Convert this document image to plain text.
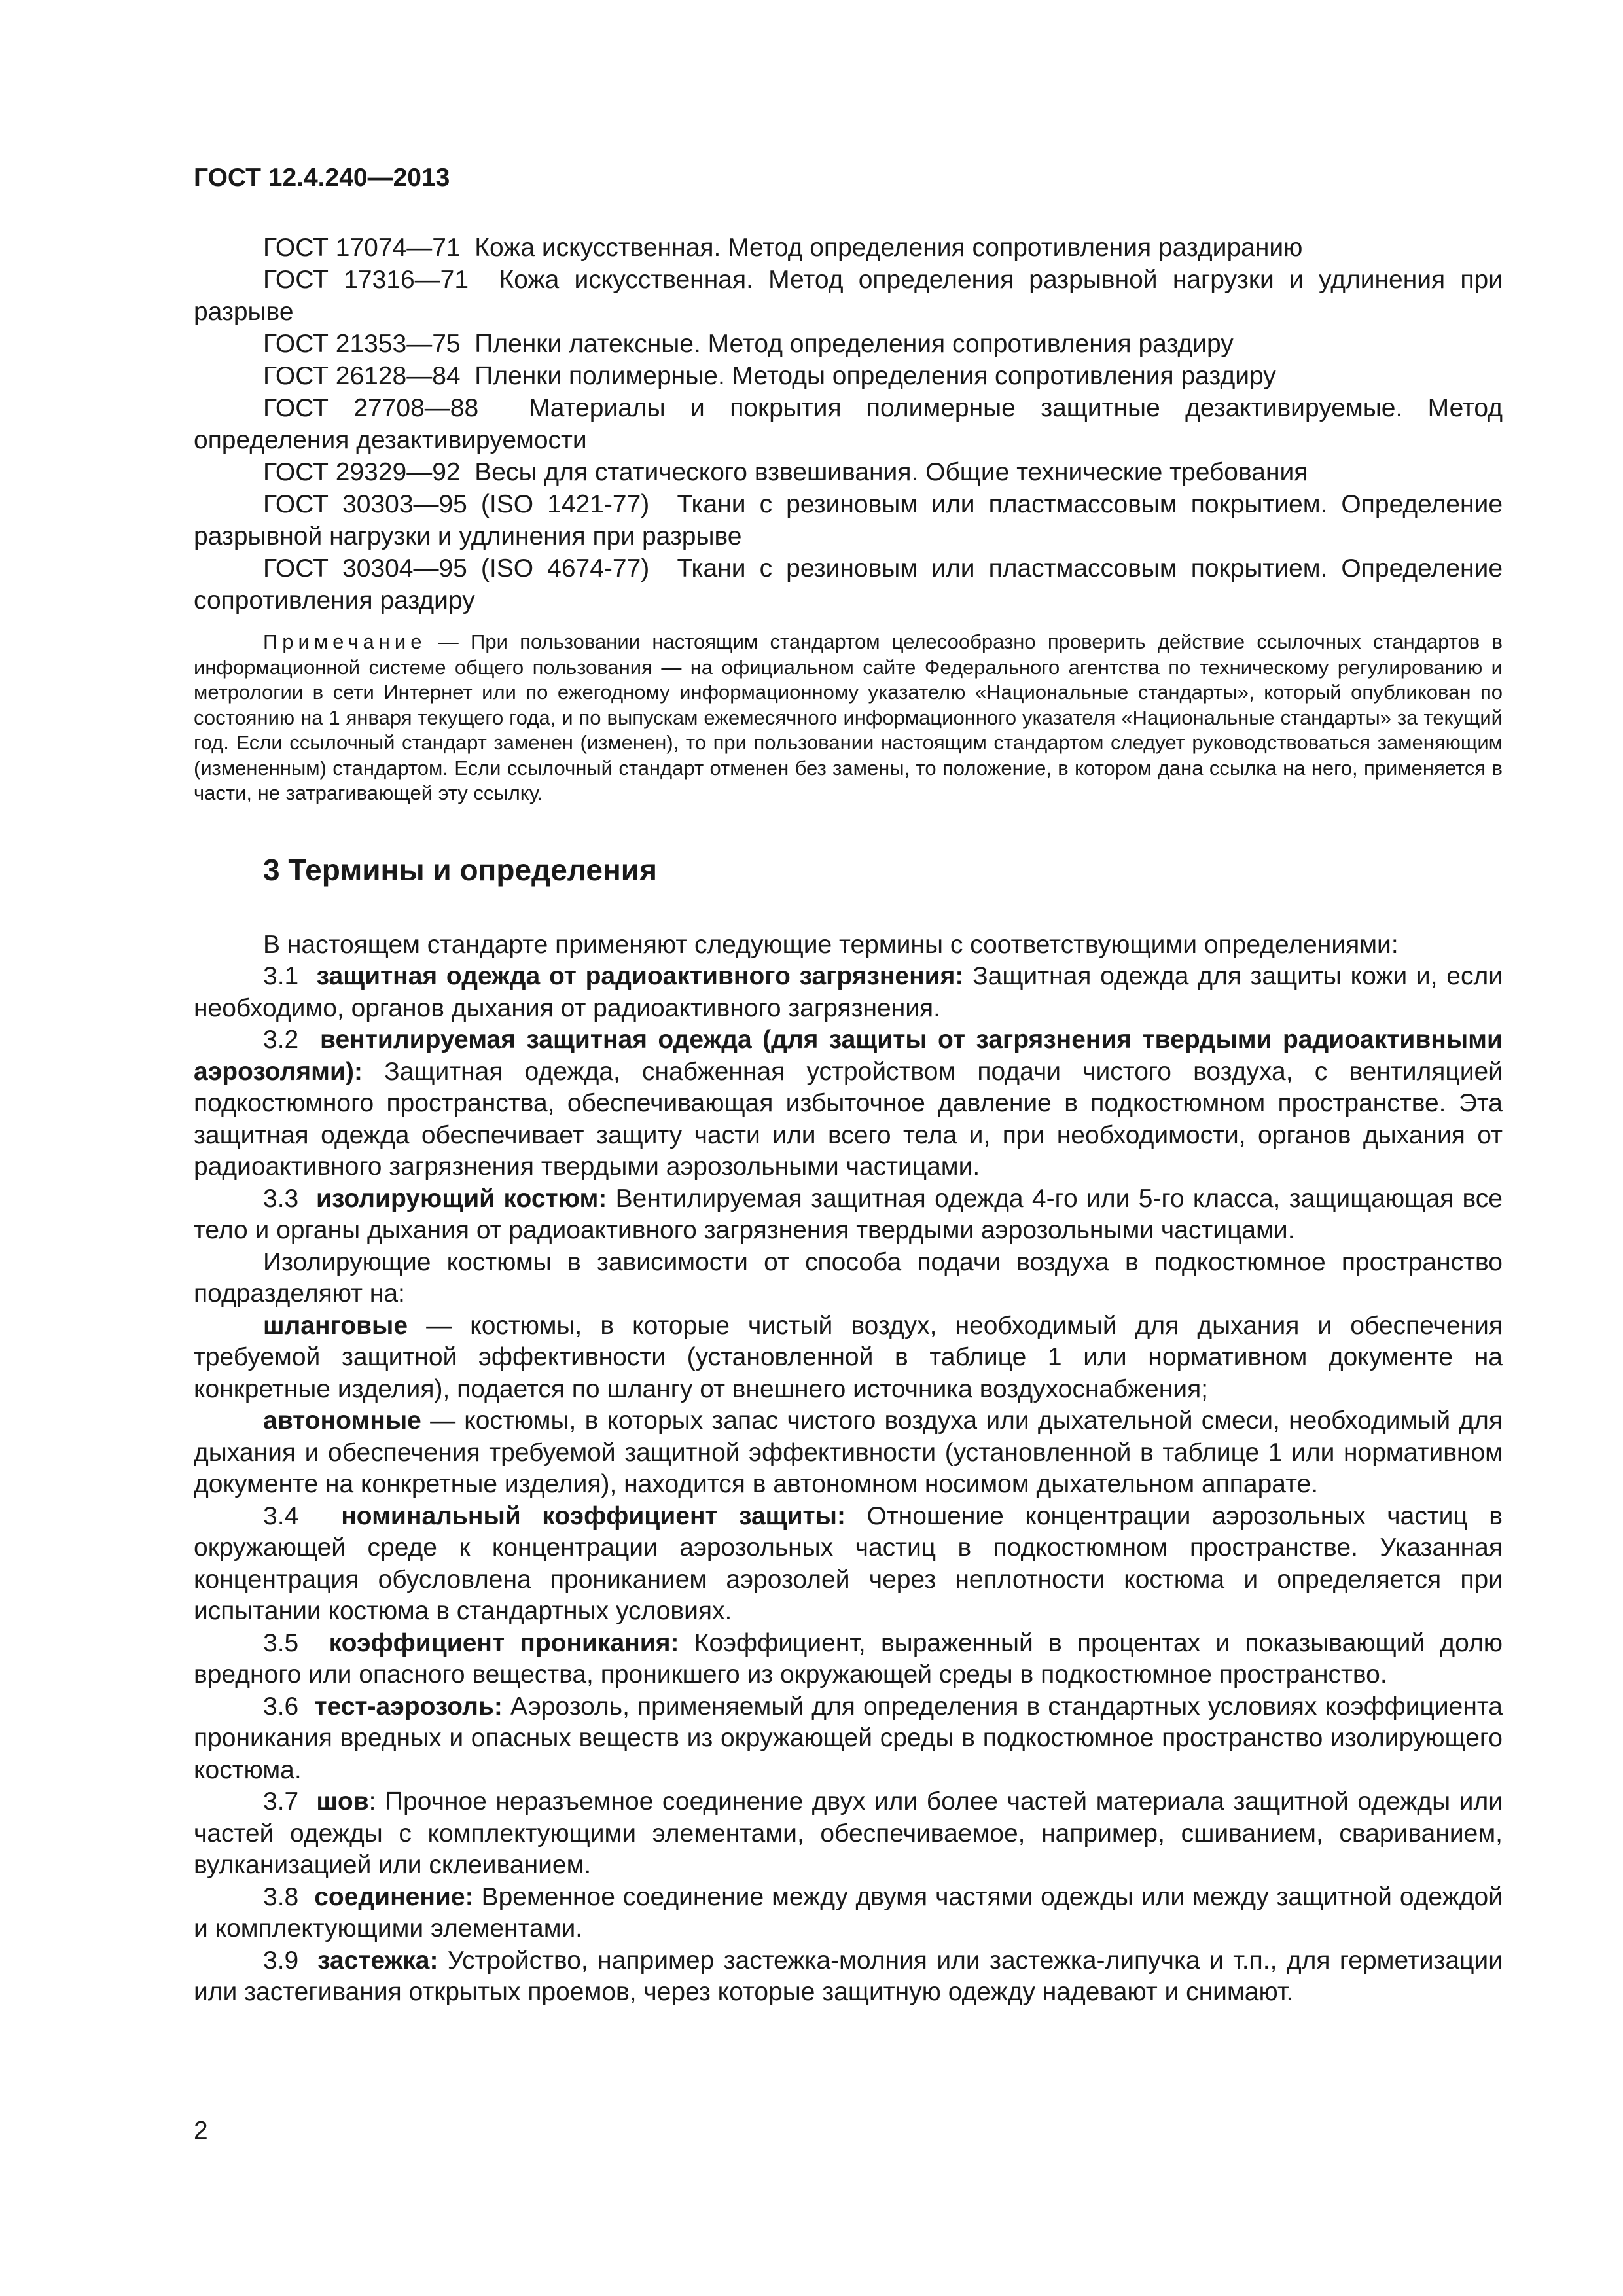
ГОСТ 12.4.240—2013

ГОСТ 17074—71 Кожа искусственная. Метод определения сопротивления раздиранию

ГОСТ 17316—71 Кожа искусственная. Метод определения разрывной нагрузки и удлинения при разрыве

ГОСТ 21353—75 Пленки латексные. Метод определения сопротивления раздиру

ГОСТ 26128—84 Пленки полимерные. Методы определения сопротивления раздиру

ГОСТ 27708—88 Материалы и покрытия полимерные защитные дезактивируемые. Метод определения дезактивируемости

ГОСТ 29329—92 Весы для статического взвешивания. Общие технические требования

ГОСТ 30303—95 (ISO 1421-77) Ткани с резиновым или пластмассовым покрытием. Определение разрывной нагрузки и удлинения при разрыве

ГОСТ 30304—95 (ISO 4674-77) Ткани с резиновым или пластмассовым покрытием. Определение сопротивления раздиру

Примечание — При пользовании настоящим стандартом целесообразно проверить действие ссылочных стандартов в информационной системе общего пользования — на официальном сайте Федерального агентства по техническому регулированию и метрологии в сети Интернет или по ежегодному информационному указателю «Национальные стандарты», который опубликован по состоянию на 1 января текущего года, и по выпускам ежемесячного информационного указателя «Национальные стандарты» за текущий год. Если ссылочный стандарт заменен (изменен), то при пользовании настоящим стандартом следует руководствоваться заменяющим (измененным) стандартом. Если ссылочный стандарт отменен без замены, то положение, в котором дана ссылка на него, применяется в части, не затрагивающей эту ссылку.

3 Термины и определения

В настоящем стандарте применяют следующие термины с соответствующими определениями:

3.1 защитная одежда от радиоактивного загрязнения: Защитная одежда для защиты кожи и, если необходимо, органов дыхания от радиоактивного загрязнения.

3.2 вентилируемая защитная одежда (для защиты от загрязнения твердыми радиоактивными аэрозолями): Защитная одежда, снабженная устройством подачи чистого воздуха, с вентиляцией подкостюмного пространства, обеспечивающая избыточное давление в подкостюмном пространстве. Эта защитная одежда обеспечивает защиту части или всего тела и, при необходимости, органов дыхания от радиоактивного загрязнения твердыми аэрозольными частицами.

3.3 изолирующий костюм: Вентилируемая защитная одежда 4-го или 5-го класса, защищающая все тело и органы дыхания от радиоактивного загрязнения твердыми аэрозольными частицами.

Изолирующие костюмы в зависимости от способа подачи воздуха в подкостюмное пространство подразделяют на:

шланговые — костюмы, в которые чистый воздух, необходимый для дыхания и обеспечения требуемой защитной эффективности (установленной в таблице 1 или нормативном документе на конкретные изделия), подается по шлангу от внешнего источника воздухоснабжения;

автономные — костюмы, в которых запас чистого воздуха или дыхательной смеси, необходимый для дыхания и обеспечения требуемой защитной эффективности (установленной в таблице 1 или нормативном документе на конкретные изделия), находится в автономном носимом дыхательном аппарате.

3.4 номинальный коэффициент защиты: Отношение концентрации аэрозольных частиц в окружающей среде к концентрации аэрозольных частиц в подкостюмном пространстве. Указанная концентрация обусловлена прониканием аэрозолей через неплотности костюма и определяется при испытании костюма в стандартных условиях.

3.5 коэффициент проникания: Коэффициент, выраженный в процентах и показывающий долю вредного или опасного вещества, проникшего из окружающей среды в подкостюмное пространство.

3.6 тест-аэрозоль: Аэрозоль, применяемый для определения в стандартных условиях коэффициента проникания вредных и опасных веществ из окружающей среды в подкостюмное пространство изолирующего костюма.

3.7 шов: Прочное неразъемное соединение двух или более частей материала защитной одежды или частей одежды с комплектующими элементами, обеспечиваемое, например, сшиванием, свариванием, вулканизацией или склеиванием.

3.8 соединение: Временное соединение между двумя частями одежды или между защитной одеждой и комплектующими элементами.

3.9 застежка: Устройство, например застежка-молния или застежка-липучка и т.п., для герметизации или застегивания открытых проемов, через которые защитную одежду надевают и снимают.

2
